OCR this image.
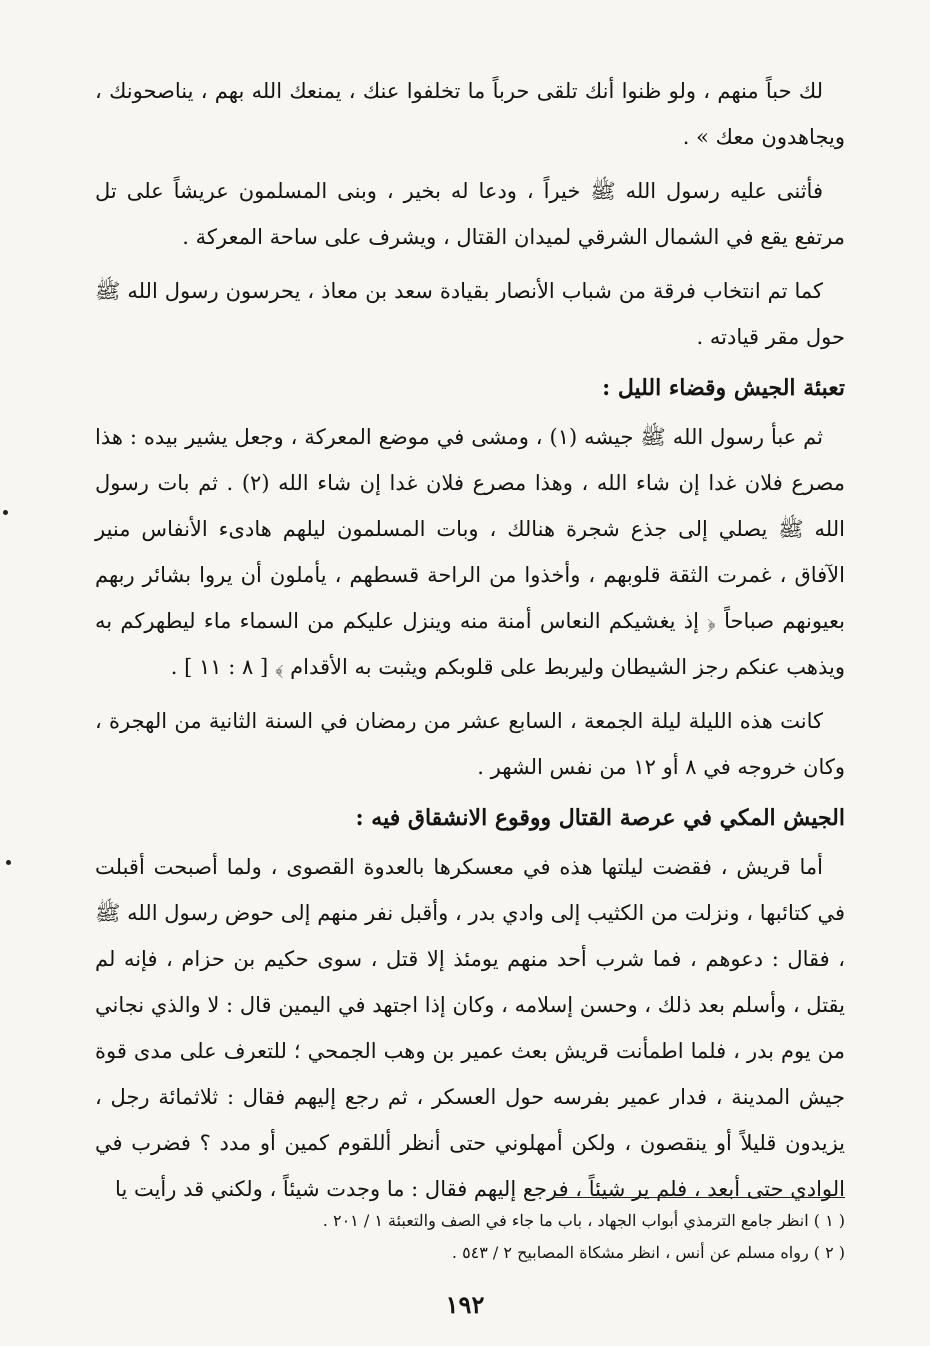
لك حباً منهم ، ولو ظنوا أنك تلقى حرباً ما تخلفوا عنك ، يمنعك الله بهم ، يناصحونك ، ويجاهدون معك » .

فأثنى عليه رسول الله ﷺ خيراً ، ودعا له بخير ، وبنى المسلمون عريشاً على تل مرتفع يقع في الشمال الشرقي لميدان القتال ، ويشرف على ساحة المعركة .

كما تم انتخاب فرقة من شباب الأنصار بقيادة سعد بن معاذ ، يحرسون رسول الله ﷺ حول مقر قيادته .

تعبئة الجيش وقضاء الليل :

ثم عبأ رسول الله ﷺ جيشه (١) ، ومشى في موضع المعركة ، وجعل يشير بيده : هذا مصرع فلان غدا إن شاء الله ، وهذا مصرع فلان غدا إن شاء الله (٢) . ثم بات رسول الله ﷺ يصلي إلى جذع شجرة هنالك ، وبات المسلمون ليلهم هادىء الأنفاس منير الآفاق ، غمرت الثقة قلوبهم ، وأخذوا من الراحة قسطهم ، يأملون أن يروا بشائر ربهم بعيونهم صباحاً ﴿ إذ يغشيكم النعاس أمنة منه وينزل عليكم من السماء ماء ليطهركم به ويذهب عنكم رجز الشيطان وليربط على قلوبكم ويثبت به الأقدام ﴾ [ ٨ : ١١ ] .

كانت هذه الليلة ليلة الجمعة ، السابع عشر من رمضان في السنة الثانية من الهجرة ، وكان خروجه في ٨ أو ١٢ من نفس الشهر .

الجيش المكي في عرصة القتال ووقوع الانشقاق فيه :

أما قريش ، فقضت ليلتها هذه في معسكرها بالعدوة القصوى ، ولما أصبحت أقبلت في كتائبها ، ونزلت من الكثيب إلى وادي بدر ، وأقبل نفر منهم إلى حوض رسول الله ﷺ ، فقال : دعوهم ، فما شرب أحد منهم يومئذ إلا قتل ، سوى حكيم بن حزام ، فإنه لم يقتل ، وأسلم بعد ذلك ، وحسن إسلامه ، وكان إذا اجتهد في اليمين قال : لا والذي نجاني من يوم بدر ، فلما اطمأنت قريش بعث عمير بن وهب الجمحي ؛ للتعرف على مدى قوة جيش المدينة ، فدار عمير بفرسه حول العسكر ، ثم رجع إليهم فقال : ثلاثمائة رجل ، يزيدون قليلاً أو ينقصون ، ولكن أمهلوني حتى أنظر أللقوم كمين أو مدد ؟ فضرب في الوادي حتى أبعد ، فلم ير شيئاً ، فرجع إليهم فقال : ما وجدت شيئاً ، ولكني قد رأيت يا

( ١ ) انظر جامع الترمذي أبواب الجهاد ، باب ما جاء في الصف والتعبئة ١ / ٢٠١ .
( ٢ ) رواه مسلم عن أنس ، انظر مشكاة المصابيح ٢ / ٥٤٣ .
١٩٢
